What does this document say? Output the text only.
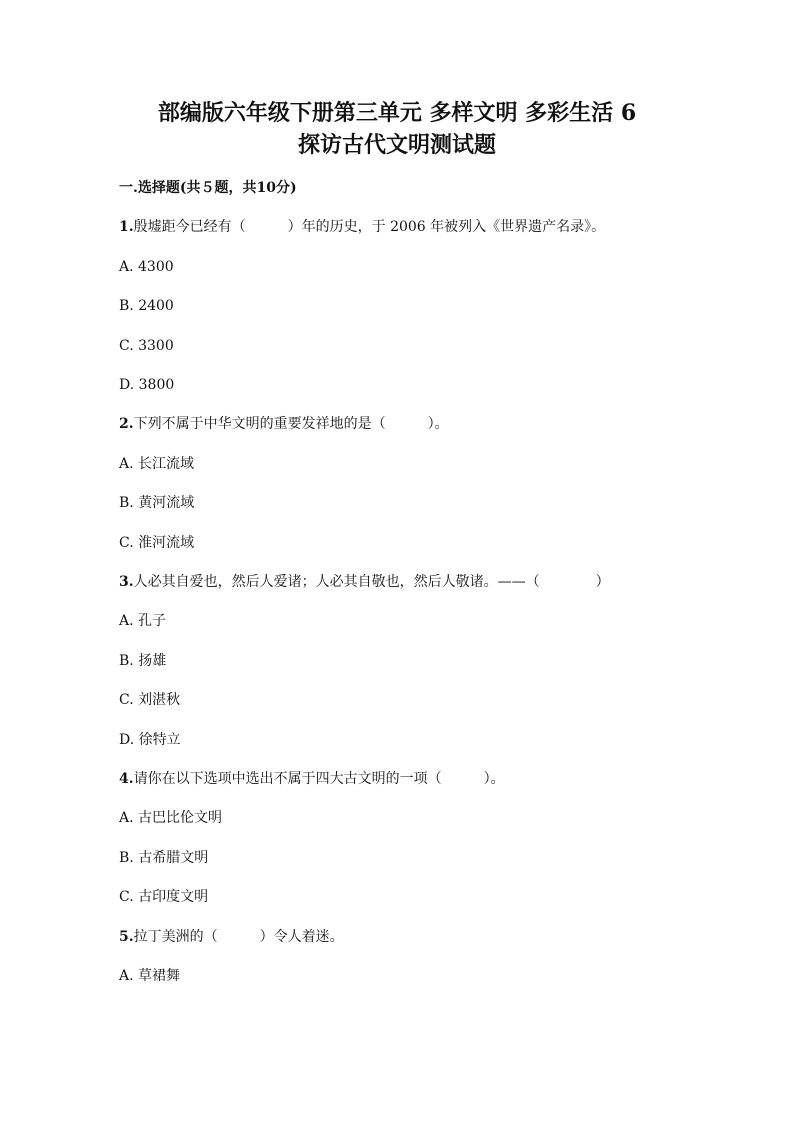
部编版六年级下册第三单元 多样文明 多彩生活 6
探访古代文明测试题
一.选择题(共５题，共10分)
1.殷墟距今已经有（　　　）年的历史，于 2006 年被列入《世界遗产名录》。
A. 4300
B. 2400
C. 3300
D. 3800
2.下列不属于中华文明的重要发祥地的是（　　　）。
A. 长江流域
B. 黄河流域
C. 淮河流域
3.人必其自爱也，然后人爱诸；人必其自敬也，然后人敬诸。——（　　　　）
A. 孔子
B. 扬雄
C. 刘湛秋
D. 徐特立
4.请你在以下选项中选出不属于四大古文明的一项（　　　）。
A. 古巴比伦文明
B. 古希腊文明
C. 古印度文明
5.拉丁美洲的（　　　）令人着迷。
A. 草裙舞
